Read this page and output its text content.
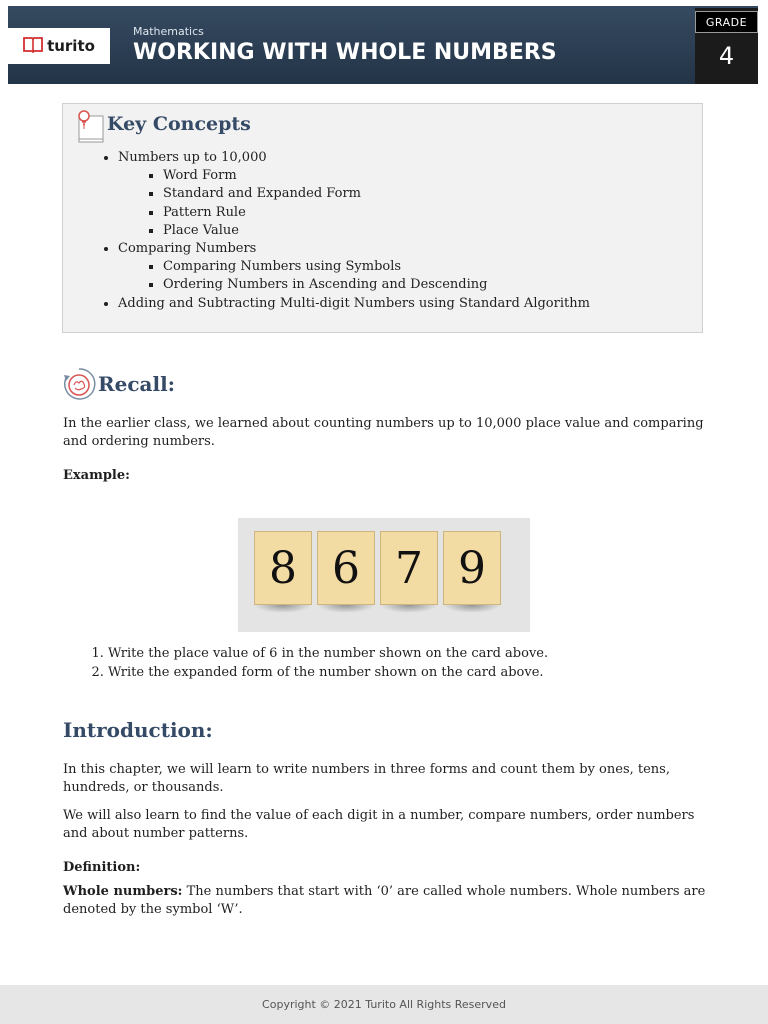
turito
Mathematics
WORKING WITH WHOLE NUMBERS
GRADE
4
Key Concepts
• Numbers up to 10,000
▪ Word Form
▪ Standard and Expanded Form
▪ Pattern Rule
▪ Place Value
• Comparing Numbers
▪ Comparing Numbers using Symbols
▪ Ordering Numbers in Ascending and Descending
• Adding and Subtracting Multi-digit Numbers using Standard Algorithm
Recall:

In the earlier class, we learned about counting numbers up to 10,000 place value and comparing and ordering numbers.

Example:

8 6 7 9
1. Write the place value of 6 in the number shown on the card above.
2. Write the expanded form of the number shown on the card above.
Introduction:

In this chapter, we will learn to write numbers in three forms and count them by ones, tens, hundreds, or thousands.

We will also learn to find the value of each digit in a number, compare numbers, order numbers and about number patterns.

Definition:

Whole numbers: The numbers that start with ‘0’ are called whole numbers. Whole numbers are denoted by the symbol ‘W’.

Copyright © 2021 Turito All Rights Reserved
